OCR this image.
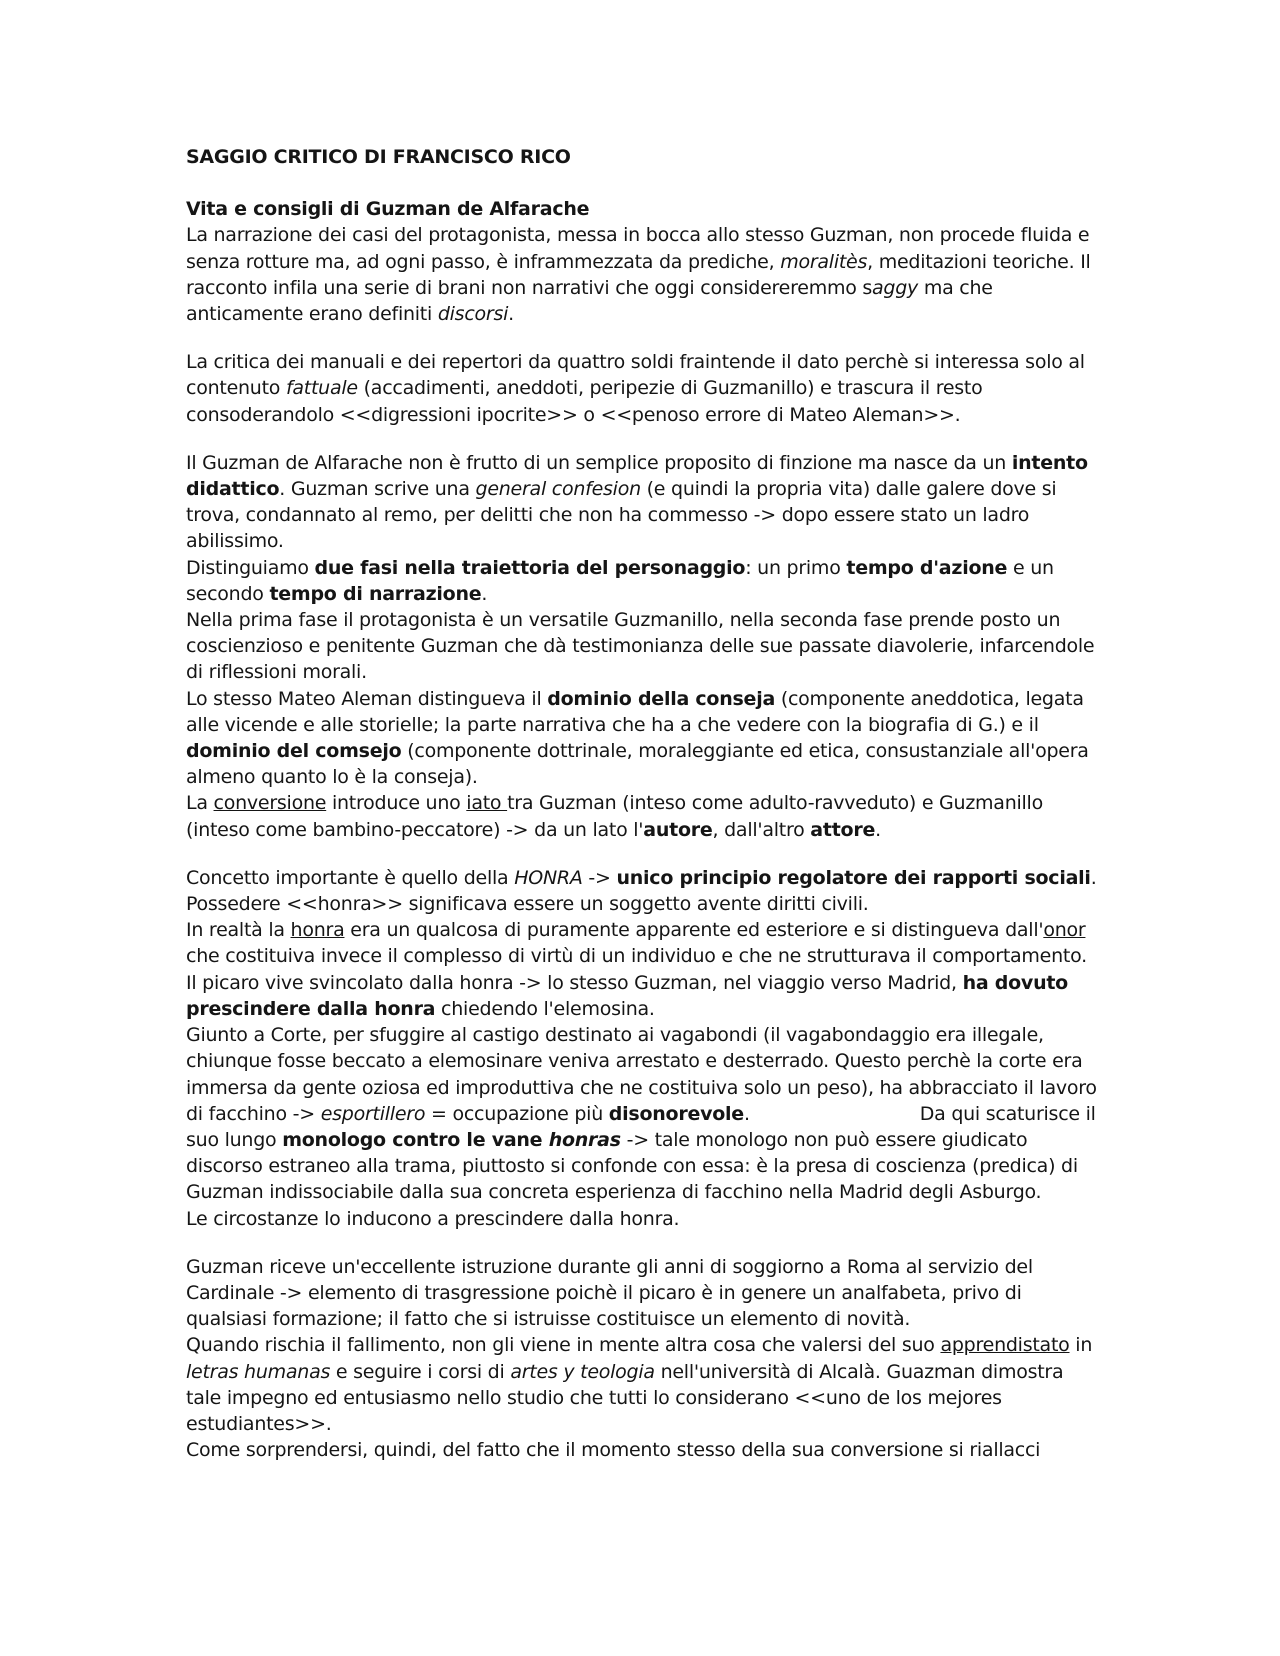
SAGGIO CRITICO DI FRANCISCO RICO

Vita e consigli di Guzman de Alfarache

La narrazione dei casi del protagonista, messa in bocca allo stesso Guzman, non procede fluida e senza rotture ma, ad ogni passo, è inframmezzata da prediche, moralitès, meditazioni teoriche. Il racconto infila una serie di brani non narrativi che oggi considereremmo saggy ma che anticamente erano definiti discorsi.

La critica dei manuali e dei repertori da quattro soldi fraintende il dato perchè si interessa solo al contenuto fattuale (accadimenti, aneddoti, peripezie di Guzmanillo) e trascura il resto consoderandolo <<digressioni ipocrite>> o <<penoso errore di Mateo Aleman>>.

Il Guzman de Alfarache non è frutto di un semplice proposito di finzione ma nasce da un intento didattico. Guzman scrive una general confesion (e quindi la propria vita) dalle galere dove si trova, condannato al remo, per delitti che non ha commesso -> dopo essere stato un ladro abilissimo.

Distinguiamo due fasi nella traiettoria del personaggio: un primo tempo d'azione e un secondo tempo di narrazione.

Nella prima fase il protagonista è un versatile Guzmanillo, nella seconda fase prende posto un coscienzioso e penitente Guzman che dà testimonianza delle sue passate diavolerie, infarcendole di riflessioni morali.

Lo stesso Mateo Aleman distingueva il dominio della conseja (componente aneddotica, legata alle vicende e alle storielle; la parte narrativa che ha a che vedere con la biografia di G.) e il dominio del comsejo (componente dottrinale, moraleggiante ed etica, consustanziale all'opera almeno quanto lo è la conseja).

La conversione introduce uno iato tra Guzman (inteso come adulto-ravveduto) e Guzmanillo (inteso come bambino-peccatore) -> da un lato l'autore, dall'altro attore.

Concetto importante è quello della HONRA -> unico principio regolatore dei rapporti sociali.

Possedere <<honra>> significava essere un soggetto avente diritti civili.

In realtà la honra era un qualcosa di puramente apparente ed esteriore e si distingueva dall'onor che costituiva invece il complesso di virtù di un individuo e che ne strutturava il comportamento.

Il picaro vive svincolato dalla honra -> lo stesso Guzman, nel viaggio verso Madrid, ha dovuto prescindere dalla honra chiedendo l'elemosina.

Giunto a Corte, per sfuggire al castigo destinato ai vagabondi (il vagabondaggio era illegale, chiunque fosse beccato a elemosinare veniva arrestato e desterrado. Questo perchè la corte era immersa da gente oziosa ed improduttiva che ne costituiva solo un peso), ha abbracciato il lavoro di facchino -> esportillero = occupazione più disonorevole.	Da qui scaturisce il suo lungo monologo contro le vane honras -> tale monologo non può essere giudicato discorso estraneo alla trama, piuttosto si confonde con essa: è la presa di coscienza (predica) di Guzman indissociabile dalla sua concreta esperienza di facchino nella Madrid degli Asburgo.

Le circostanze lo inducono a prescindere dalla honra.

Guzman riceve un'eccellente istruzione durante gli anni di soggiorno a Roma al servizio del Cardinale -> elemento di trasgressione poichè il picaro è in genere un analfabeta, privo di qualsiasi formazione; il fatto che si istruisse costituisce un elemento di novità.

Quando rischia il fallimento, non gli viene in mente altra cosa che valersi del suo apprendistato in letras humanas e seguire i corsi di artes y teologia nell'università di Alcalà. Guazman dimostra tale impegno ed entusiasmo nello studio che tutti lo considerano <<uno de los mejores estudiantes>>.

Come sorprendersi, quindi, del fatto che il momento stesso della sua conversione si riallacci
